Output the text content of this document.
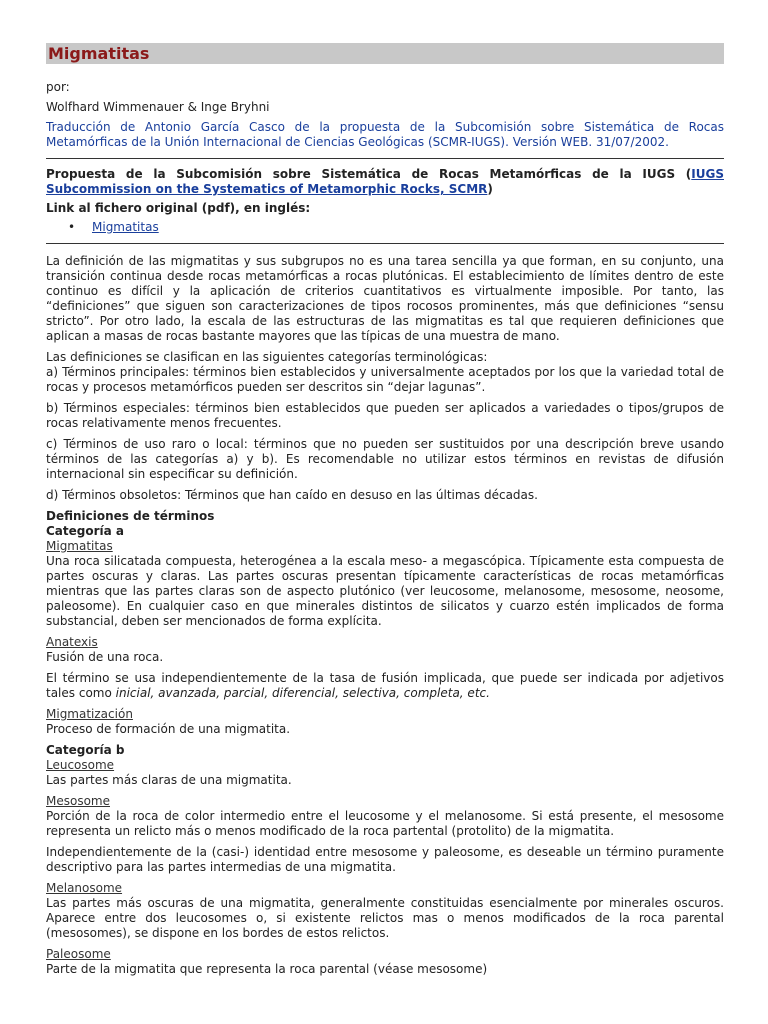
Migmatitas

por:

Wolfhard Wimmenauer & Inge Bryhni

Traducción de Antonio García Casco de la propuesta de la Subcomisión sobre Sistemática de Rocas Metamórficas de la Unión Internacional de Ciencias Geológicas (SCMR-IUGS). Versión WEB. 31/07/2002.

Propuesta de la Subcomisión sobre Sistemática de Rocas Metamórficas de la IUGS (IUGS Subcommission on the Systematics of Metamorphic Rocks, SCMR)

Link al fichero original (pdf), en inglés:

• Migmatitas

La definición de las migmatitas y sus subgrupos no es una tarea sencilla ya que forman, en su conjunto, una transición continua desde rocas metamórficas a rocas plutónicas. El establecimiento de límites dentro de este continuo es difícil y la aplicación de criterios cuantitativos es virtualmente imposible. Por tanto, las “definiciones” que siguen son caracterizaciones de tipos rocosos prominentes, más que definiciones “sensu stricto”. Por otro lado, la escala de las estructuras de las migmatitas es tal que requieren definiciones que aplican a masas de rocas bastante mayores que las típicas de una muestra de mano.

Las definiciones se clasifican en las siguientes categorías terminológicas:

a) Términos principales: términos bien establecidos y universalmente aceptados por los que la variedad total de rocas y procesos metamórficos pueden ser descritos sin “dejar lagunas”.

b) Términos especiales: términos bien establecidos que pueden ser aplicados a variedades o tipos/grupos de rocas relativamente menos frecuentes.

c) Términos de uso raro o local: términos que no pueden ser sustituidos por una descripción breve usando términos de las categorías a) y b). Es recomendable no utilizar estos términos en revistas de difusión internacional sin especificar su definición.

d) Términos obsoletos: Términos que han caído en desuso en las últimas décadas.

Definiciones de términos

Categoría a

Migmatitas

Una roca silicatada compuesta, heterogénea a la escala meso- a megascópica. Típicamente esta compuesta de partes oscuras y claras. Las partes oscuras presentan típicamente características de rocas metamórficas mientras que las partes claras son de aspecto plutónico (ver leucosome, melanosome, mesosome, neosome, paleosome). En cualquier caso en que minerales distintos de silicatos y cuarzo estén implicados de forma substancial, deben ser mencionados de forma explícita.

Anatexis

Fusión de una roca.

El término se usa independientemente de la tasa de fusión implicada, que puede ser indicada por adjetivos tales como inicial, avanzada, parcial, diferencial, selectiva, completa, etc.

Migmatización

Proceso de formación de una migmatita.

Categoría b

Leucosome

Las partes más claras de una migmatita.

Mesosome

Porción de la roca de color intermedio entre el leucosome y el melanosome. Si está presente, el mesosome representa un relicto más o menos modificado de la roca partental (protolito) de la migmatita.

Independientemente de la (casi-) identidad entre mesosome y paleosome, es deseable un término puramente descriptivo para las partes intermedias de una migmatita.

Melanosome

Las partes más oscuras de una migmatita, generalmente constituidas esencialmente por minerales oscuros. Aparece entre dos leucosomes o, si existente relictos mas o menos modificados de la roca parental (mesosomes), se dispone en los bordes de estos relictos.

Paleosome

Parte de la migmatita que representa la roca parental (véase mesosome)
